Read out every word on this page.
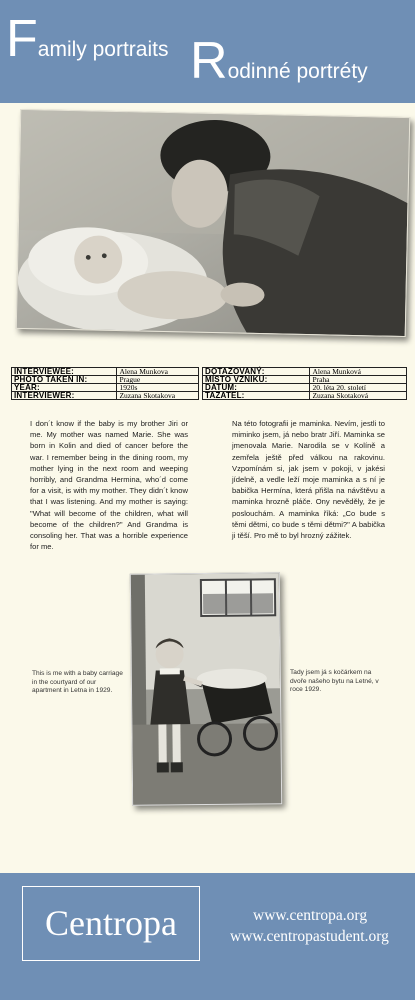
Family portraits Rodinné portréty
INTERVIEWEE:	Alena Munkova
PHOTO TAKEN IN:	Prague
YEAR:	1920s
INTERVIEWER:	Zuzana Skotakova
DOTAZOVANÝ:	Alena Munková
MÍSTO VZNIKU:	Praha
DATUM:	20. léta 20. století
TAZATEL:	Zuzana Skotaková
I don´t know if the baby is my brother Jiri or me. My mother was named Marie. She was born in Kolin and died of cancer before the war. I remember being in the dining room, my mother lying in the next room and weeping horribly, and Grandma Hermina, who´d come for a visit, is with my mother. They didn´t know that I was listening. And my mother is saying: "What will become of the children, what will become of the children?" And Grandma is consoling her. That was a horrible experience for me.
Na této fotografii je maminka. Nevím, jestli to miminko jsem, já nebo bratr Jiří. Maminka se jmenovala Marie. Narodila se v Kolíně a zemřela ještě před válkou na rakovinu. Vzpomínám si, jak jsem v pokoji, v jakési jídelně, a vedle leží moje maminka a s ní je babička Hermína, která přišla na návštěvu a maminka hrozně pláče. Ony nevěděly, že je poslouchám. A maminka říká: „Co bude s těmi dětmi, co bude s těmi dětmi?" A babička ji těší. Pro mě to byl hrozný zážitek.
This is me with a baby carriage in the courtyard of our apartment in Letna in 1929.
Tady jsem já s kočárkem na dvoře našeho bytu na Letné, v roce 1929.
Centropa	www.centropa.org
www.centropastudent.org
